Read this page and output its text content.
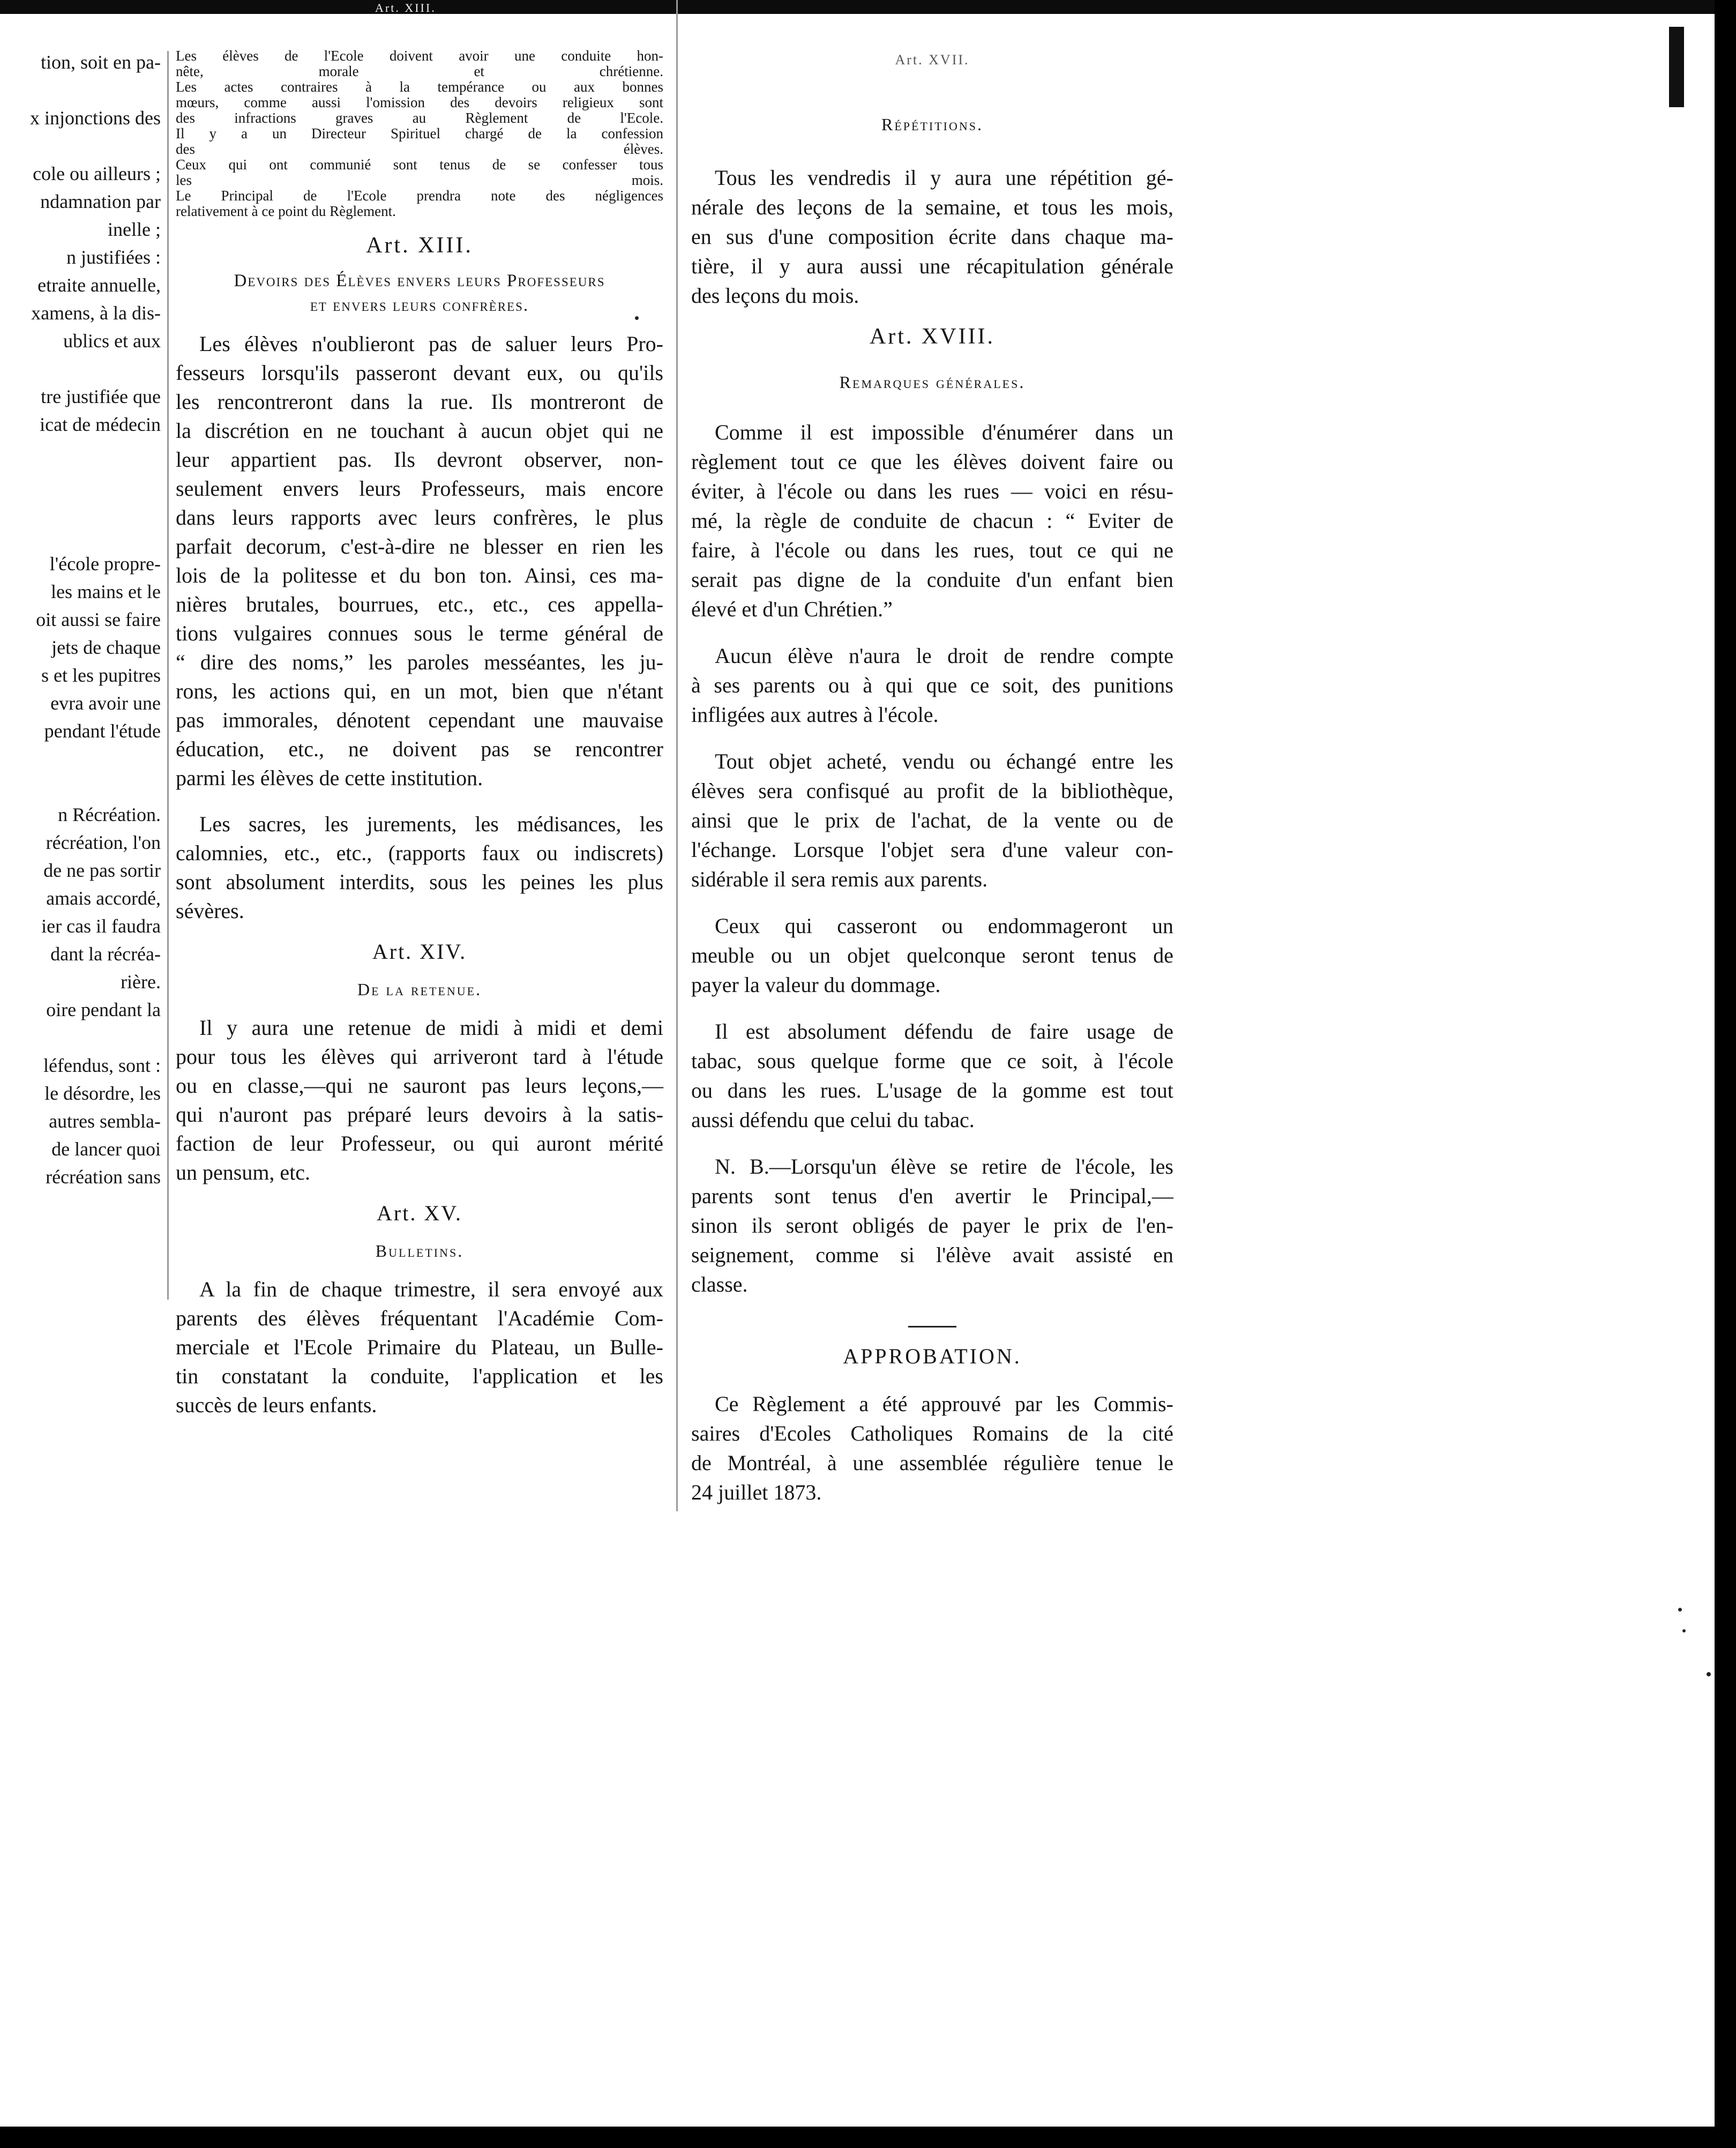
Art. XIII.
tion, soit en pa-

x injonctions des

cole ou ailleurs ;
ndamnation par
inelle ;
n justifiées :
etraite annuelle,
xamens, à la dis-
ublics et aux

tre justifiée que
icat de médecin

l'école propre-
les mains et le
oit aussi se faire
jets de chaque
s et les pupitres
evra avoir une
pendant l'étude

n Récréation.
récréation, l'on
de ne pas sortir
amais accordé,
ier cas il faudra
dant la récréa-
rière.
oire pendant la

léfendus, sont :
le désordre, les
autres sembla-
de lancer quoi
récréation sans
Les élèves de l'Ecole doivent avoir une conduite hon-
nête, morale et chrétienne.
Les actes contraires à la tempérance ou aux bonnes
mœurs, comme aussi l'omission des devoirs religieux sont
des infractions graves au Règlement de l'Ecole.
Il y a un Directeur Spirituel chargé de la confession
des élèves.
Ceux qui ont communié sont tenus de se confesser tous
les mois.
Le Principal de l'Ecole prendra note des négligences
relativement à ce point du Règlement.
Art. XIII.
Devoirs des Élèves envers leurs Professeurs
et envers leurs confrères.
Les élèves n'oublieront pas de saluer leurs Pro-
fesseurs lorsqu'ils passeront devant eux, ou qu'ils
les rencontreront dans la rue. Ils montreront de
la discrétion en ne touchant à aucun objet qui ne
leur appartient pas. Ils devront observer, non-
seulement envers leurs Professeurs, mais encore
dans leurs rapports avec leurs confrères, le plus
parfait decorum, c'est-à-dire ne blesser en rien les
lois de la politesse et du bon ton. Ainsi, ces ma-
nières brutales, bourrues, etc., etc., ces appella-
tions vulgaires connues sous le terme général de
“ dire des noms,” les paroles messéantes, les ju-
rons, les actions qui, en un mot, bien que n'étant
pas immorales, dénotent cependant une mauvaise
éducation, etc., ne doivent pas se rencontrer
parmi les élèves de cette institution.
Les sacres, les jurements, les médisances, les
calomnies, etc., etc., (rapports faux ou indiscrets)
sont absolument interdits, sous les peines les plus
sévères.
Art. XIV.
De la retenue.
Il y aura une retenue de midi à midi et demi
pour tous les élèves qui arriveront tard à l'étude
ou en classe,—qui ne sauront pas leurs leçons,—
qui n'auront pas préparé leurs devoirs à la satis-
faction de leur Professeur, ou qui auront mérité
un pensum, etc.
Art. XV.
Bulletins.
A la fin de chaque trimestre, il sera envoyé aux
parents des élèves fréquentant l'Académie Com-
merciale et l'Ecole Primaire du Plateau, un Bulle-
tin constatant la conduite, l'application et les
succès de leurs enfants.
Art. XVII.
Répétitions.
Tous les vendredis il y aura une répétition gé-
nérale des leçons de la semaine, et tous les mois,
en sus d'une composition écrite dans chaque ma-
tière, il y aura aussi une récapitulation générale
des leçons du mois.
Art. XVIII.
Remarques générales.
Comme il est impossible d'énumérer dans un
règlement tout ce que les élèves doivent faire ou
éviter, à l'école ou dans les rues — voici en résu-
mé, la règle de conduite de chacun : “ Eviter de
faire, à l'école ou dans les rues, tout ce qui ne
serait pas digne de la conduite d'un enfant bien
élevé et d'un Chrétien.”
Aucun élève n'aura le droit de rendre compte
à ses parents ou à qui que ce soit, des punitions
infligées aux autres à l'école.
Tout objet acheté, vendu ou échangé entre les
élèves sera confisqué au profit de la bibliothèque,
ainsi que le prix de l'achat, de la vente ou de
l'échange. Lorsque l'objet sera d'une valeur con-
sidérable il sera remis aux parents.
Ceux qui casseront ou endommageront un
meuble ou un objet quelconque seront tenus de
payer la valeur du dommage.
Il est absolument défendu de faire usage de
tabac, sous quelque forme que ce soit, à l'école
ou dans les rues. L'usage de la gomme est tout
aussi défendu que celui du tabac.
N. B.—Lorsqu'un élève se retire de l'école, les
parents sont tenus d'en avertir le Principal,—
sinon ils seront obligés de payer le prix de l'en-
seignement, comme si l'élève avait assisté en
classe.
APPROBATION.
Ce Règlement a été approuvé par les Commis-
saires d'Ecoles Catholiques Romains de la cité
de Montréal, à une assemblée régulière tenue le
24 juillet 1873.
